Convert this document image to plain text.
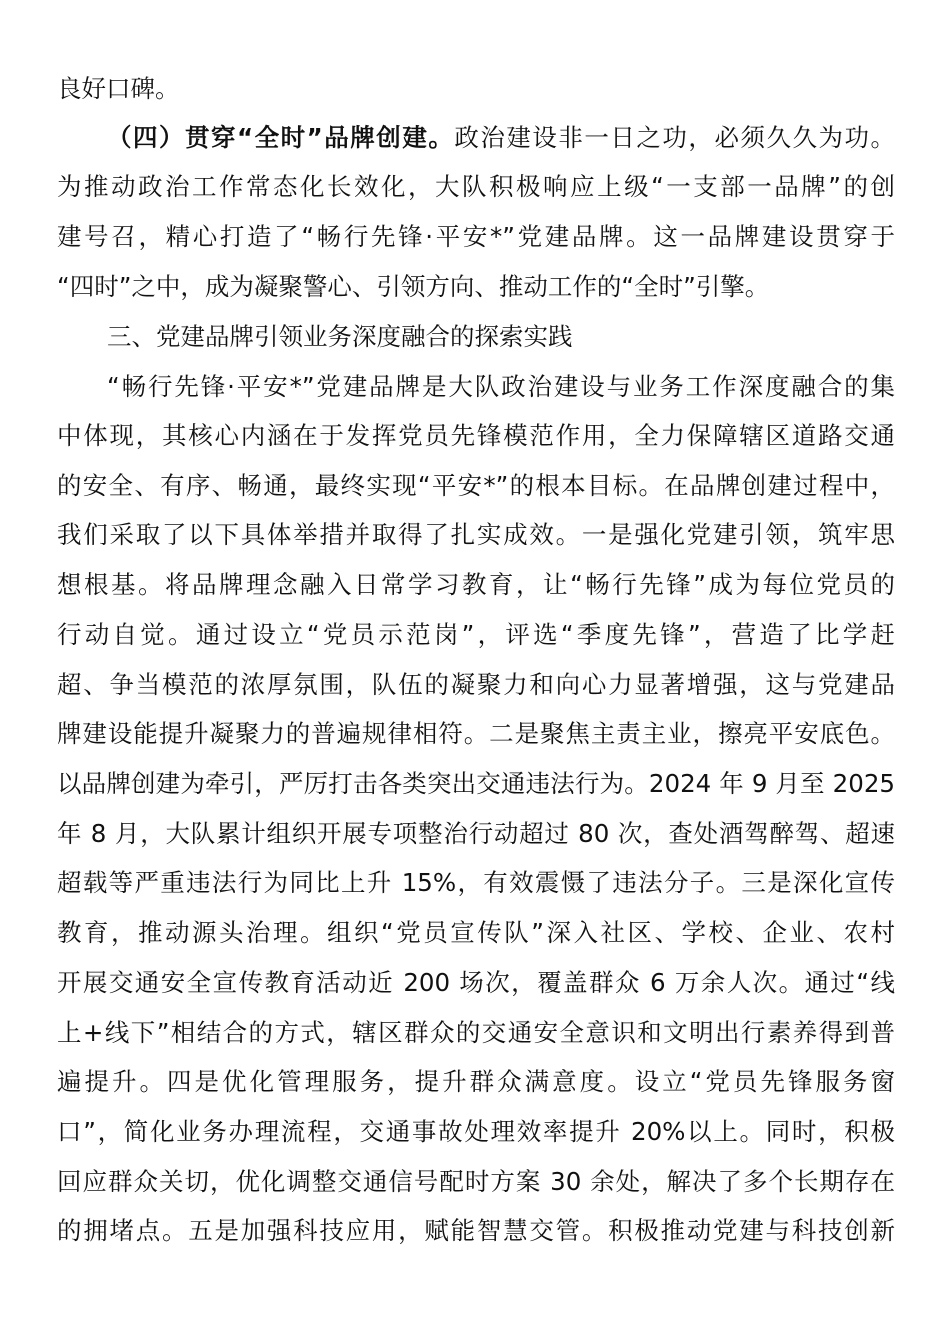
良好口碑。
（四）贯穿“全时”品牌创建。政治建设非一日之功，必须久久为功。
为推动政治工作常态化长效化，大队积极响应上级“一支部一品牌”的创
建号召，精心打造了“畅行先锋·平安*”党建品牌。这一品牌建设贯穿于
“四时”之中，成为凝聚警心、引领方向、推动工作的“全时”引擎。
三、党建品牌引领业务深度融合的探索实践
“畅行先锋·平安*”党建品牌是大队政治建设与业务工作深度融合的集
中体现，其核心内涵在于发挥党员先锋模范作用，全力保障辖区道路交通
的安全、有序、畅通，最终实现“平安*”的根本目标。在品牌创建过程中，
我们采取了以下具体举措并取得了扎实成效。一是强化党建引领，筑牢思
想根基。将品牌理念融入日常学习教育，让“畅行先锋”成为每位党员的
行动自觉。通过设立“党员示范岗”，评选“季度先锋”，营造了比学赶
超、争当模范的浓厚氛围，队伍的凝聚力和向心力显著增强，这与党建品
牌建设能提升凝聚力的普遍规律相符。二是聚焦主责主业，擦亮平安底色。
以品牌创建为牵引，严厉打击各类突出交通违法行为。2024 年 9 月至 2025
年 8 月，大队累计组织开展专项整治行动超过 80 次，查处酒驾醉驾、超速
超载等严重违法行为同比上升 15%，有效震慑了违法分子。三是深化宣传
教育，推动源头治理。组织“党员宣传队”深入社区、学校、企业、农村
开展交通安全宣传教育活动近 200 场次，覆盖群众 6 万余人次。通过“线
上+线下”相结合的方式，辖区群众的交通安全意识和文明出行素养得到普
遍提升。四是优化管理服务，提升群众满意度。设立“党员先锋服务窗
口”，简化业务办理流程，交通事故处理效率提升 20%以上。同时，积极
回应群众关切，优化调整交通信号配时方案 30 余处，解决了多个长期存在
的拥堵点。五是加强科技应用，赋能智慧交管。积极推动党建与科技创新
